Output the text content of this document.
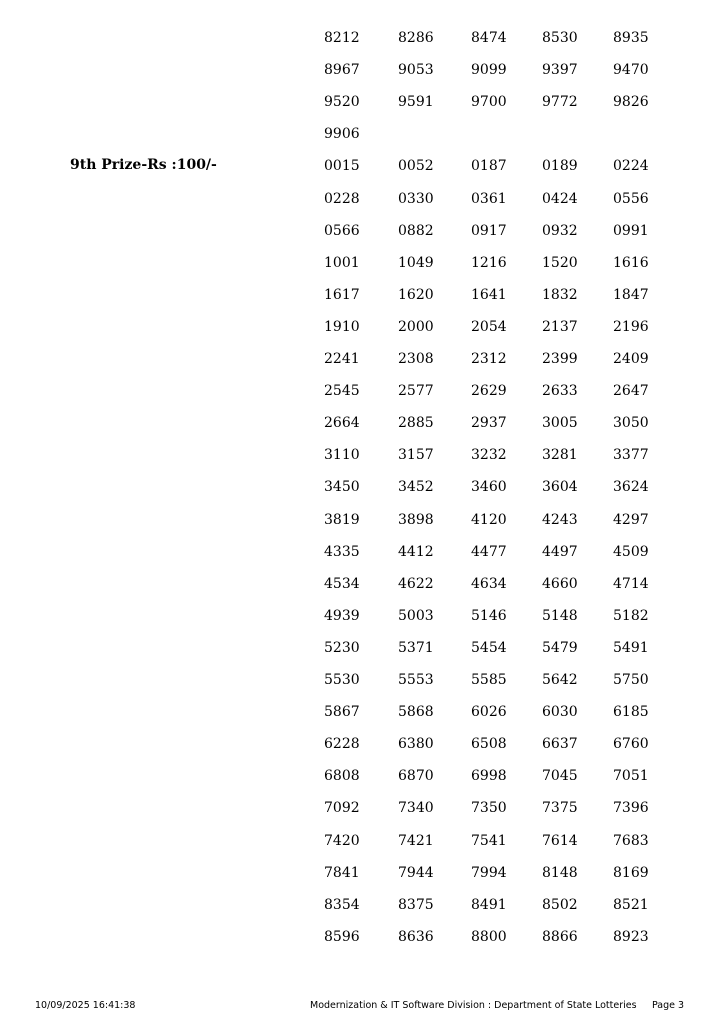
8212	8286	8474	8530	8935
8967	9053	9099	9397	9470
9520	9591	9700	9772	9826
9906
0015	0052	0187	0189	0224
0228	0330	0361	0424	0556
0566	0882	0917	0932	0991
1001	1049	1216	1520	1616
1617	1620	1641	1832	1847
1910	2000	2054	2137	2196
2241	2308	2312	2399	2409
2545	2577	2629	2633	2647
2664	2885	2937	3005	3050
3110	3157	3232	3281	3377
3450	3452	3460	3604	3624
3819	3898	4120	4243	4297
4335	4412	4477	4497	4509
4534	4622	4634	4660	4714
4939	5003	5146	5148	5182
5230	5371	5454	5479	5491
5530	5553	5585	5642	5750
5867	5868	6026	6030	6185
6228	6380	6508	6637	6760
6808	6870	6998	7045	7051
7092	7340	7350	7375	7396
7420	7421	7541	7614	7683
7841	7944	7994	8148	8169
8354	8375	8491	8502	8521
8596	8636	8800	8866	8923
9th Prize-Rs :100/-
10/09/2025 16:41:38	Modernization & IT Software Division : Department of State Lotteries Page 3
